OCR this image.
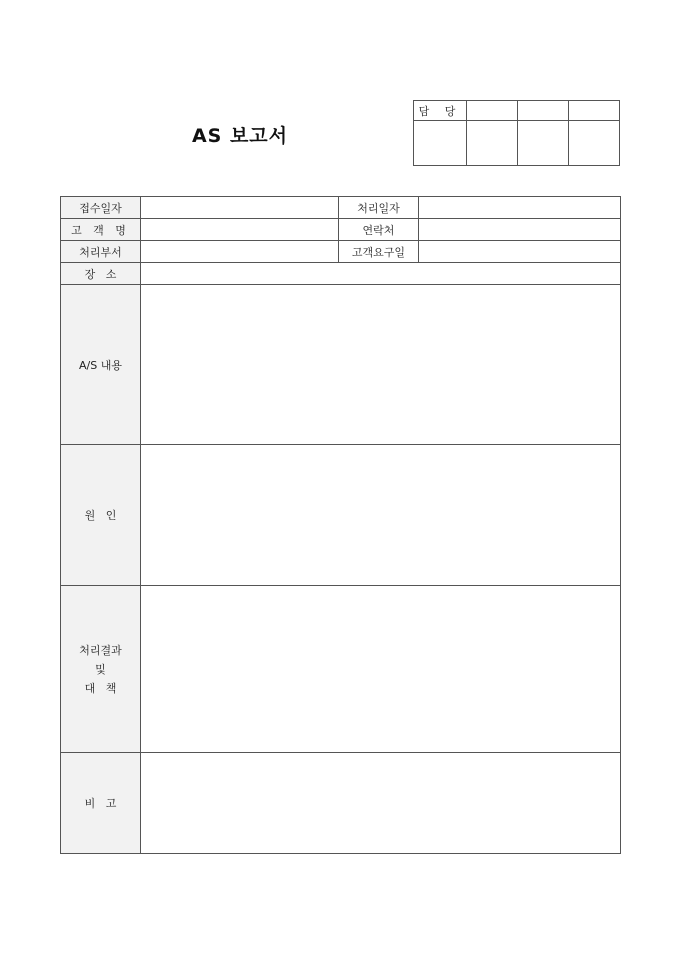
AS 보고서
담 당			

접수일자		처리일자	
고 객 명		연락처	
처리부서		고객요구일	
장   소			
A/S 내용			
원   인			

처리결과
및
대   책			

비   고			
